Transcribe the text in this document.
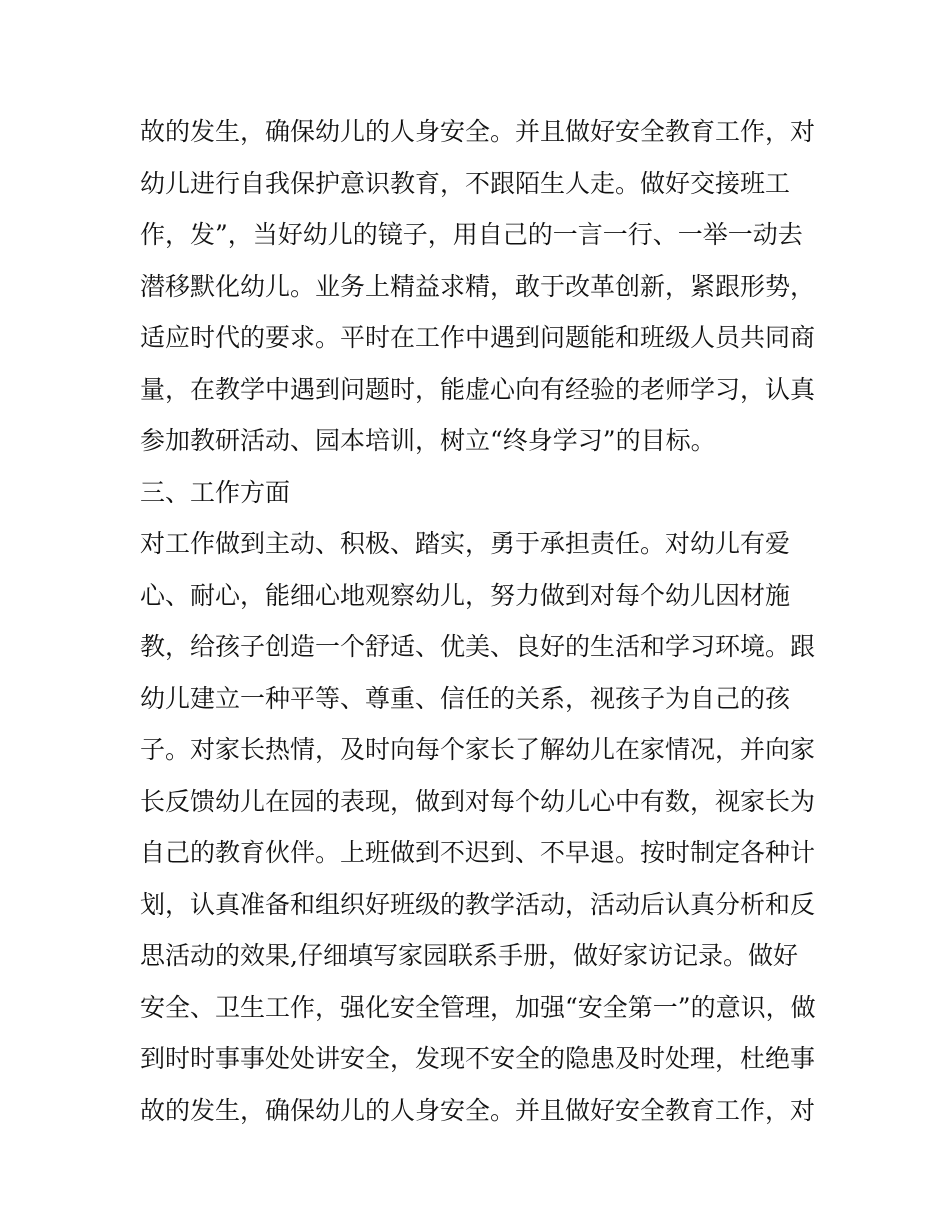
故的发生，确保幼儿的人身安全。并且做好安全教育工作，对
幼儿进行自我保护意识教育，不跟陌生人走。做好交接班工
作，发”，当好幼儿的镜子，用自己的一言一行、一举一动去
潜移默化幼儿。业务上精益求精，敢于改革创新，紧跟形势，
适应时代的要求。平时在工作中遇到问题能和班级人员共同商
量，在教学中遇到问题时，能虚心向有经验的老师学习，认真
参加教研活动、园本培训，树立“终身学习”的目标。
三、工作方面
对工作做到主动、积极、踏实，勇于承担责任。对幼儿有爱
心、耐心，能细心地观察幼儿，努力做到对每个幼儿因材施
教，给孩子创造一个舒适、优美、良好的生活和学习环境。跟
幼儿建立一种平等、尊重、信任的关系，视孩子为自己的孩
子。对家长热情，及时向每个家长了解幼儿在家情况，并向家
长反馈幼儿在园的表现，做到对每个幼儿心中有数，视家长为
自己的教育伙伴。上班做到不迟到、不早退。按时制定各种计
划，认真准备和组织好班级的教学活动，活动后认真分析和反
思活动的效果,仔细填写家园联系手册，做好家访记录。做好
安全、卫生工作，强化安全管理，加强“安全第一”的意识，做
到时时事事处处讲安全，发现不安全的隐患及时处理，杜绝事
故的发生，确保幼儿的人身安全。并且做好安全教育工作，对
